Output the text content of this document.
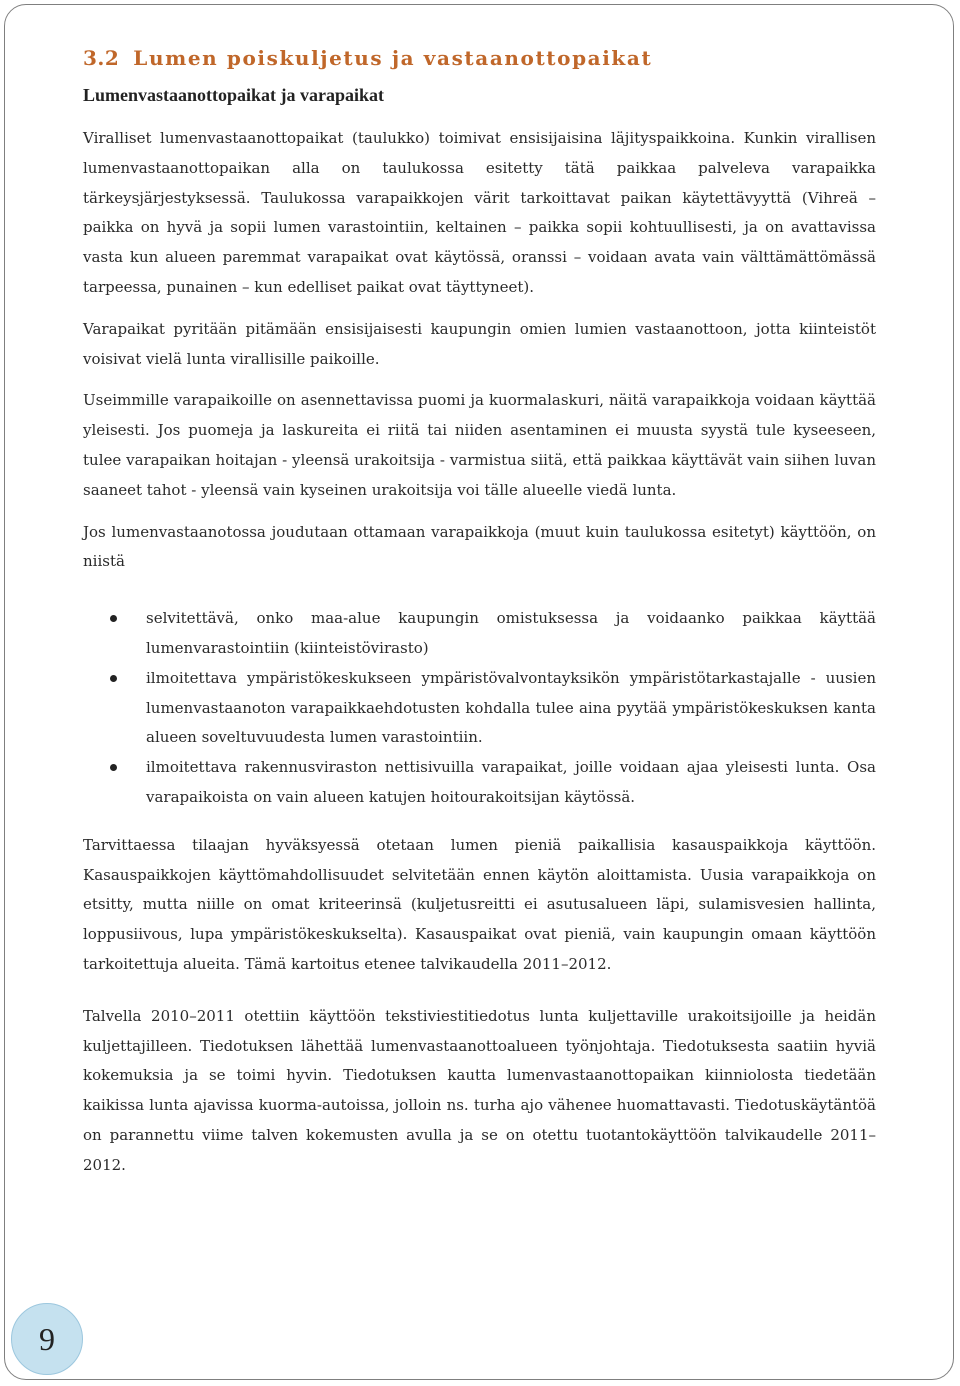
3.2 Lumen poiskuljetus ja vastaanottopaikat
Lumenvastaanottopaikat ja varapaikat

Viralliset lumenvastaanottopaikat (taulukko) toimivat ensisijaisina läjityspaikkoina. Kunkin virallisen lumenvastaanottopaikan alla on taulukossa esitetty tätä paikkaa palveleva varapaikka tärkeysjärjestyksessä. Taulukossa varapaikkojen värit tarkoittavat paikan käytettävyyttä (Vihreä – paikka on hyvä ja sopii lumen varastointiin, keltainen – paikka sopii kohtuullisesti, ja on avattavissa vasta kun alueen paremmat varapaikat ovat käytössä, oranssi – voidaan avata vain välttämättömässä tarpeessa, punainen – kun edelliset paikat ovat täyttyneet).

Varapaikat pyritään pitämään ensisijaisesti kaupungin omien lumien vastaanottoon, jotta kiinteistöt voisivat vielä lunta virallisille paikoille.

Useimmille varapaikoille on asennettavissa puomi ja kuormalaskuri, näitä varapaikkoja voidaan käyttää yleisesti. Jos puomeja ja laskureita ei riitä tai niiden asentaminen ei muusta syystä tule kyseeseen, tulee varapaikan hoitajan - yleensä urakoitsija - varmistua siitä, että paikkaa käyttävät vain siihen luvan saaneet tahot - yleensä vain kyseinen urakoitsija voi tälle alueelle viedä lunta.

Jos lumenvastaanotossa joudutaan ottamaan varapaikkoja (muut kuin taulukossa esitetyt) käyttöön, on niistä

selvitettävä, onko maa-alue kaupungin omistuksessa ja voidaanko paikkaa käyttää lumenvarastointiin (kiinteistövirasto)
ilmoitettava ympäristökeskukseen ympäristövalvontayksikön ympäristötarkastajalle - uusien lumenvastaanoton varapaikkaehdotusten kohdalla tulee aina pyytää ympäristökeskuksen kanta alueen soveltuvuudesta lumen varastointiin.
ilmoitettava rakennusviraston nettisivuilla varapaikat, joille voidaan ajaa yleisesti lunta. Osa varapaikoista on vain alueen katujen hoitourakoitsijan käytössä.

Tarvittaessa tilaajan hyväksyessä otetaan lumen pieniä paikallisia kasauspaikkoja käyttöön. Kasauspaikkojen käyttömahdollisuudet selvitetään ennen käytön aloittamista. Uusia varapaikkoja on etsitty, mutta niille on omat kriteerinsä (kuljetusreitti ei asutusalueen läpi, sulamisvesien hallinta, loppusiivous, lupa ympäristökeskukselta). Kasauspaikat ovat pieniä, vain kaupungin omaan käyttöön tarkoitettuja alueita. Tämä kartoitus etenee talvikaudella 2011–2012.

Talvella 2010–2011 otettiin käyttöön tekstiviestitiedotus lunta kuljettaville urakoitsijoille ja heidän kuljettajilleen. Tiedotuksen lähettää lumenvastaanottoalueen työnjohtaja. Tiedotuksesta saatiin hyviä kokemuksia ja se toimi hyvin. Tiedotuksen kautta lumenvastaanottopaikan kiinniolosta tiedetään kaikissa lunta ajavissa kuorma-autoissa, jolloin ns. turha ajo vähenee huomattavasti. Tiedotuskäytäntöä on parannettu viime talven kokemusten avulla ja se on otettu tuotantokäyttöön talvikaudelle 2011–2012.

9
